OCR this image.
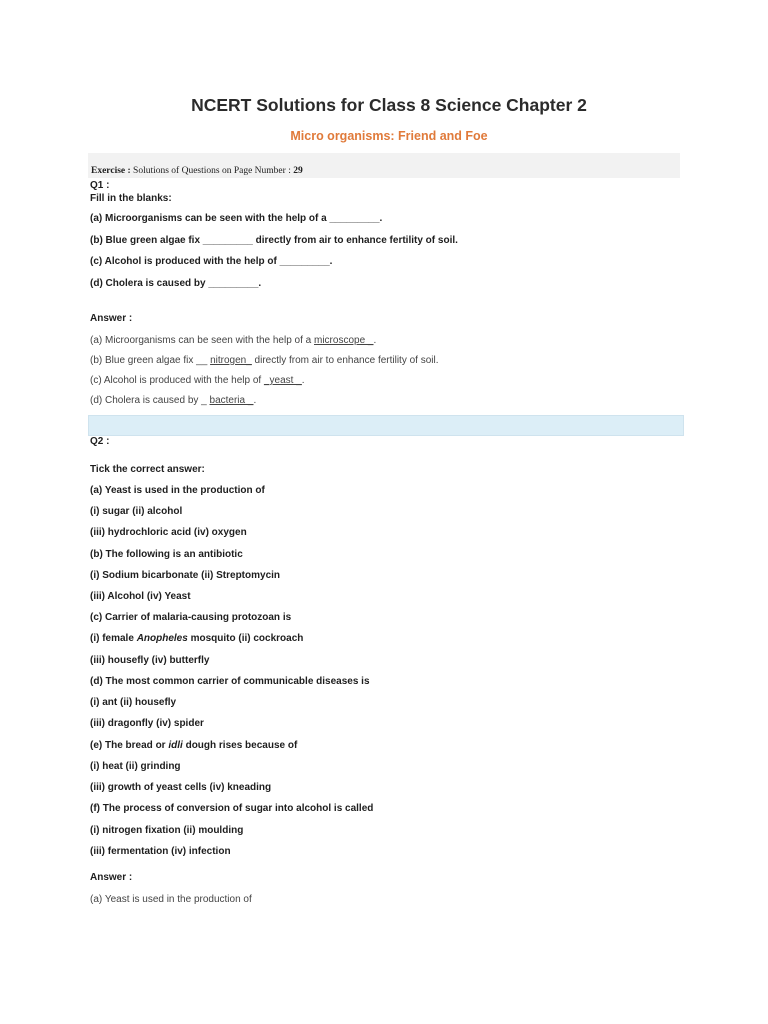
NCERT Solutions for Class 8 Science Chapter 2
Micro organisms: Friend and Foe
Exercise : Solutions of Questions on Page Number : 29
Q1 :
Fill in the blanks:
(a) Microorganisms can be seen with the help of a _________.
(b) Blue green algae fix _________ directly from air to enhance fertility of soil.
(c) Alcohol is produced with the help of _________.
(d) Cholera is caused by _________.
Answer :
(a) Microorganisms can be seen with the help of a microscope _.
(b) Blue green algae fix __ nitrogen_ directly from air to enhance fertility of soil.
(c) Alcohol is produced with the help of _yeast _.
(d) Cholera is caused by _ bacteria _.
Q2 :
Tick the correct answer:
(a) Yeast is used in the production of
(i) sugar (ii) alcohol
(iii) hydrochloric acid (iv) oxygen
(b) The following is an antibiotic
(i) Sodium bicarbonate (ii) Streptomycin
(iii) Alcohol (iv) Yeast
(c) Carrier of malaria-causing protozoan is
(i) female Anopheles mosquito (ii) cockroach
(iii) housefly (iv) butterfly
(d) The most common carrier of communicable diseases is
(i) ant (ii) housefly
(iii) dragonfly (iv) spider
(e) The bread or idli dough rises because of
(i) heat (ii) grinding
(iii) growth of yeast cells (iv) kneading
(f) The process of conversion of sugar into alcohol is called
(i) nitrogen fixation (ii) moulding
(iii) fermentation (iv) infection
Answer :
(a) Yeast is used in the production of
